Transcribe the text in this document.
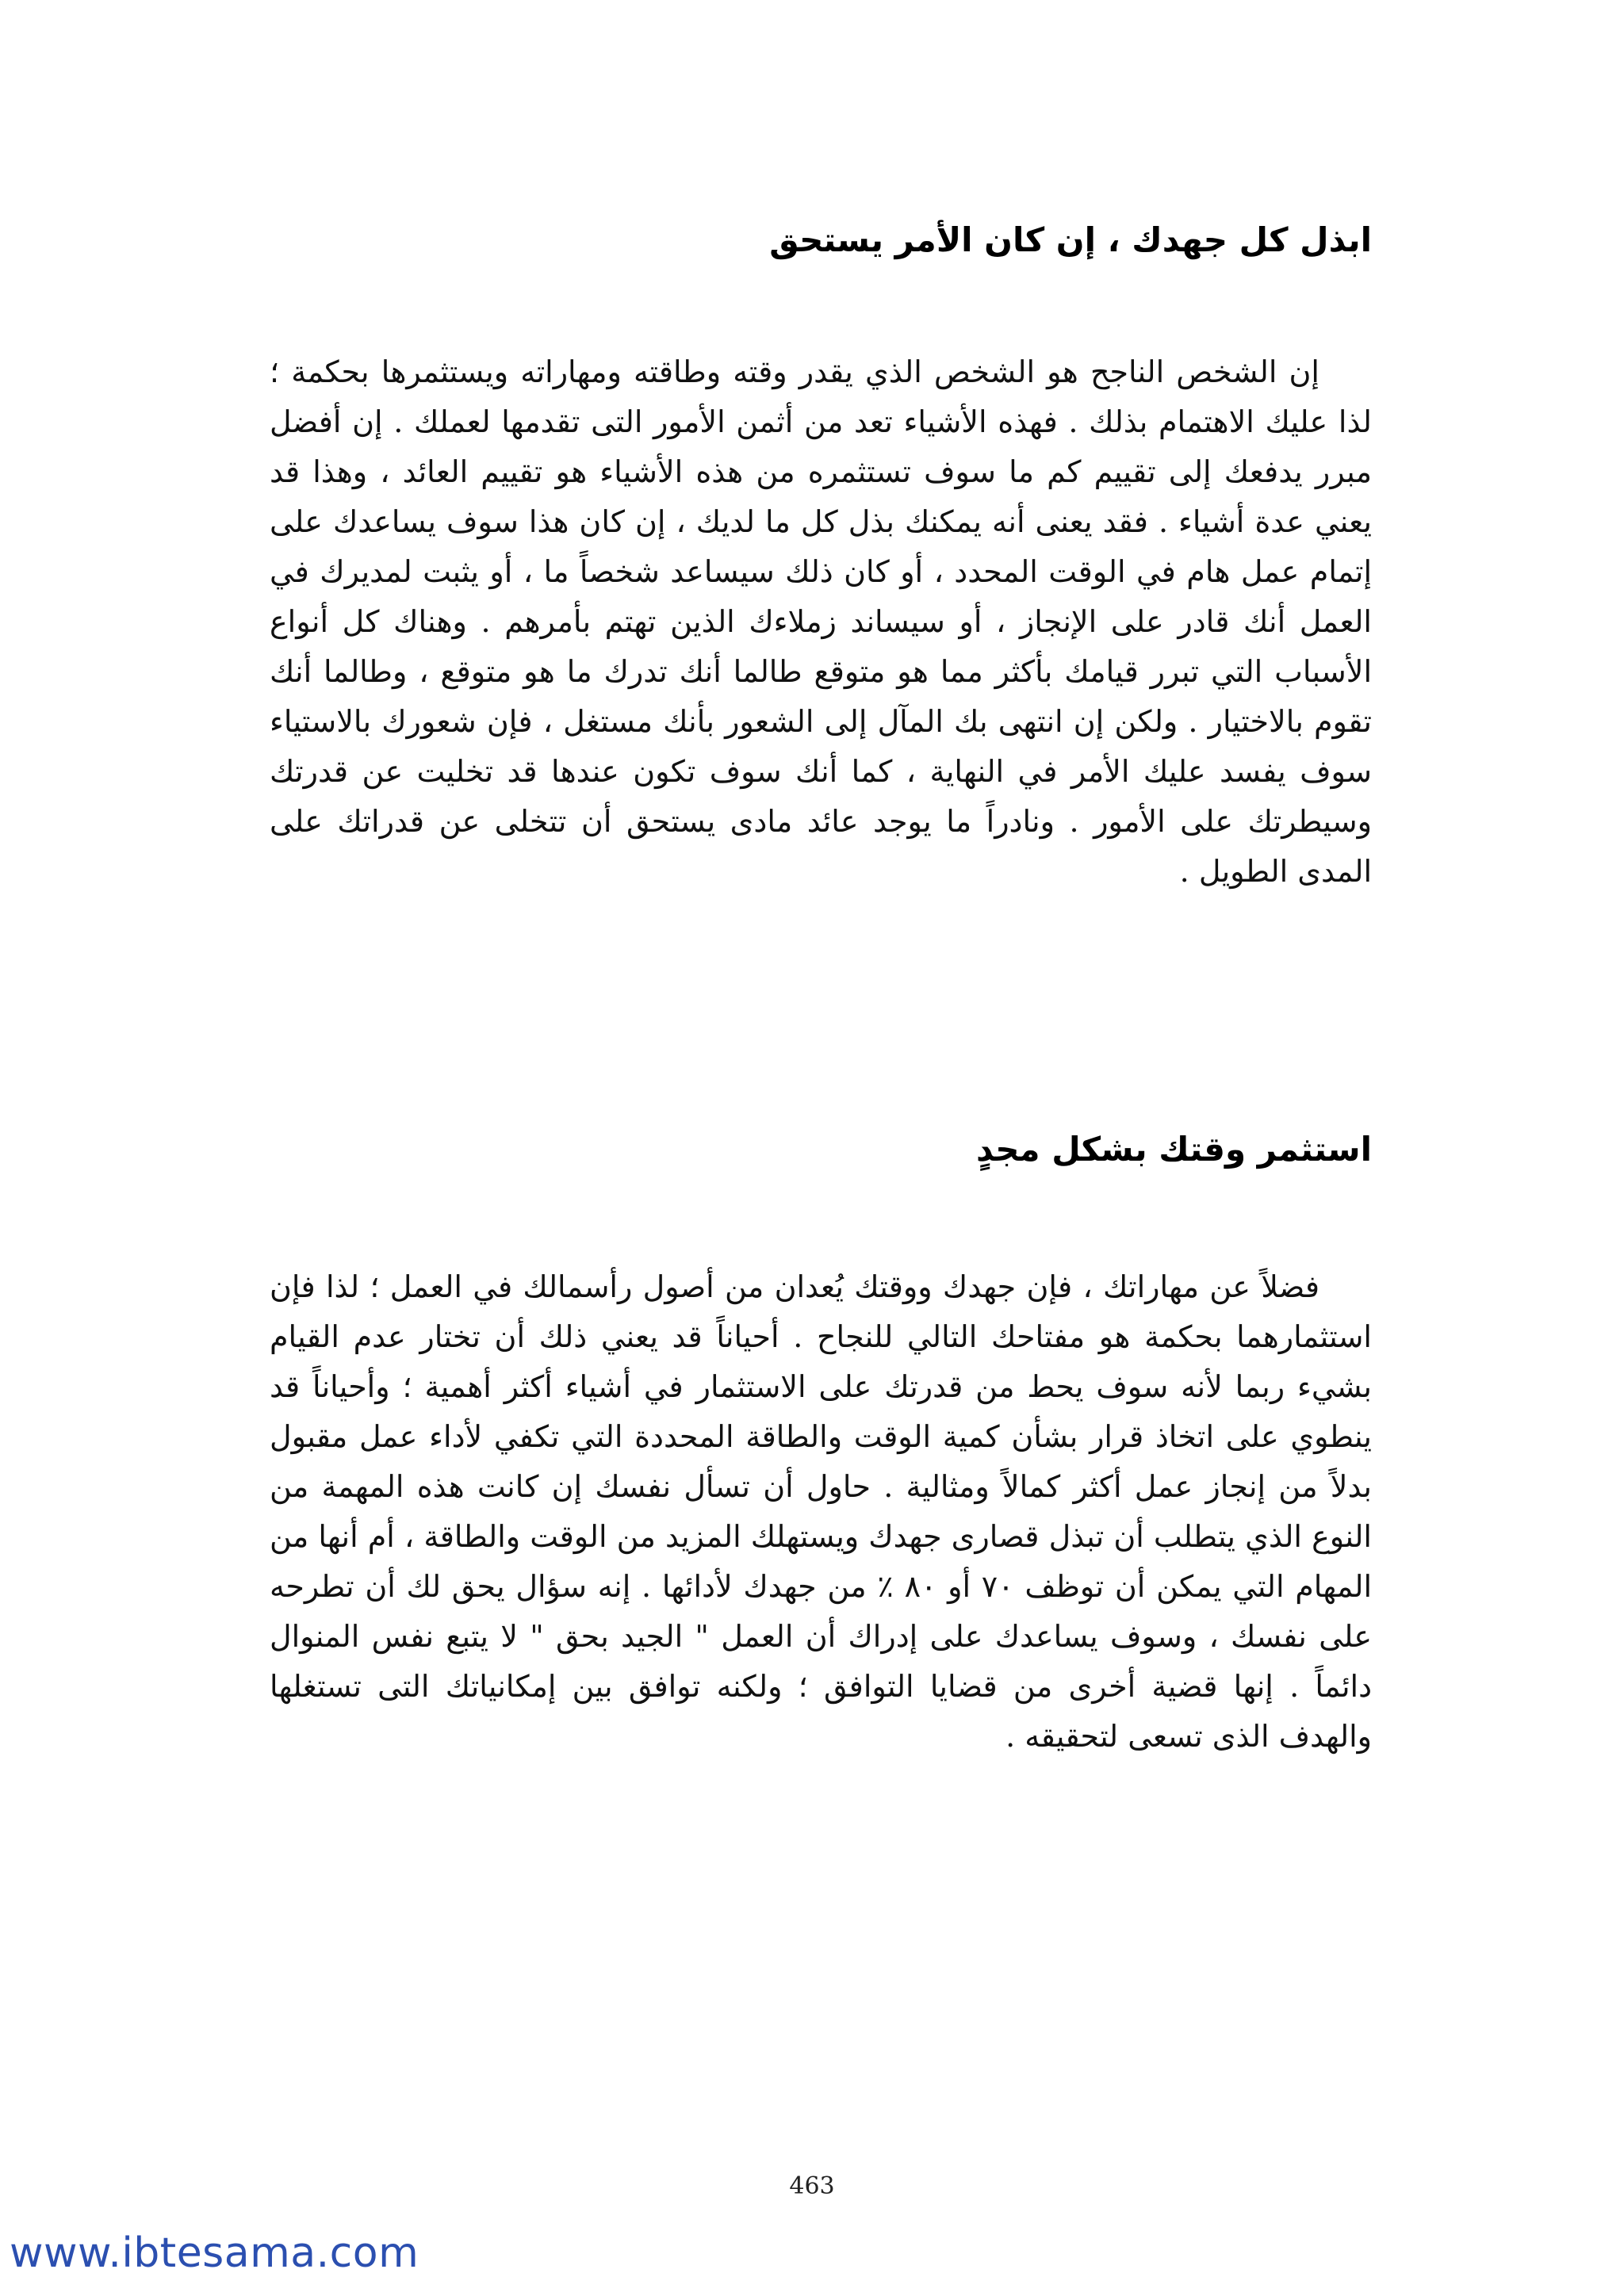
ابذل كل جهدك ، إن كان الأمر يستحق

إن الشخص الناجح هو الشخص الذي يقدر وقته وطاقته ومهاراته ويستثمرها بحكمة ؛ لذا عليك الاهتمام بذلك . فهذه الأشياء تعد من أثمن الأمور التى تقدمها لعملك . إن أفضل مبرر يدفعك إلى تقييم كم ما سوف تستثمره من هذه الأشياء هو تقييم العائد ، وهذا قد يعني عدة أشياء . فقد يعنى أنه يمكنك بذل كل ما لديك ، إن كان هذا سوف يساعدك على إتمام عمل هام في الوقت المحدد ، أو كان ذلك سيساعد شخصاً ما ، أو يثبت لمديرك في العمل أنك قادر على الإنجاز ، أو سيساند زملاءك الذين تهتم بأمرهم . وهناك كل أنواع الأسباب التي تبرر قيامك بأكثر مما هو متوقع طالما أنك تدرك ما هو متوقع ، وطالما أنك تقوم بالاختيار . ولكن إن انتهى بك المآل إلى الشعور بأنك مستغل ، فإن شعورك بالاستياء سوف يفسد عليك الأمر في النهاية ، كما أنك سوف تكون عندها قد تخليت عن قدرتك وسيطرتك على الأمور . ونادراً ما يوجد عائد مادى يستحق أن تتخلى عن قدراتك على المدى الطويل .

استثمر وقتك بشكل مجدٍ

فضلاً عن مهاراتك ، فإن جهدك ووقتك يُعدان من أصول رأسمالك في العمل ؛ لذا فإن استثمارهما بحكمة هو مفتاحك التالي للنجاح . أحياناً قد يعني ذلك أن تختار عدم القيام بشيء ربما لأنه سوف يحط من قدرتك على الاستثمار في أشياء أكثر أهمية ؛ وأحياناً قد ينطوي على اتخاذ قرار بشأن كمية الوقت والطاقة المحددة التي تكفي لأداء عمل مقبول بدلاً من إنجاز عمل أكثر كمالاً ومثالية . حاول أن تسأل نفسك إن كانت هذه المهمة من النوع الذي يتطلب أن تبذل قصارى جهدك ويستهلك المزيد من الوقت والطاقة ، أم أنها من المهام التي يمكن أن توظف ٧٠ أو ٨٠ ٪ من جهدك لأدائها . إنه سؤال يحق لك أن تطرحه على نفسك ، وسوف يساعدك على إدراك أن العمل " الجيد بحق " لا يتبع نفس المنوال دائماً . إنها قضية أخرى من قضايا التوافق ؛ ولكنه توافق بين إمكانياتك التى تستغلها والهدف الذى تسعى لتحقيقه .

463
www.ibtesama.com
